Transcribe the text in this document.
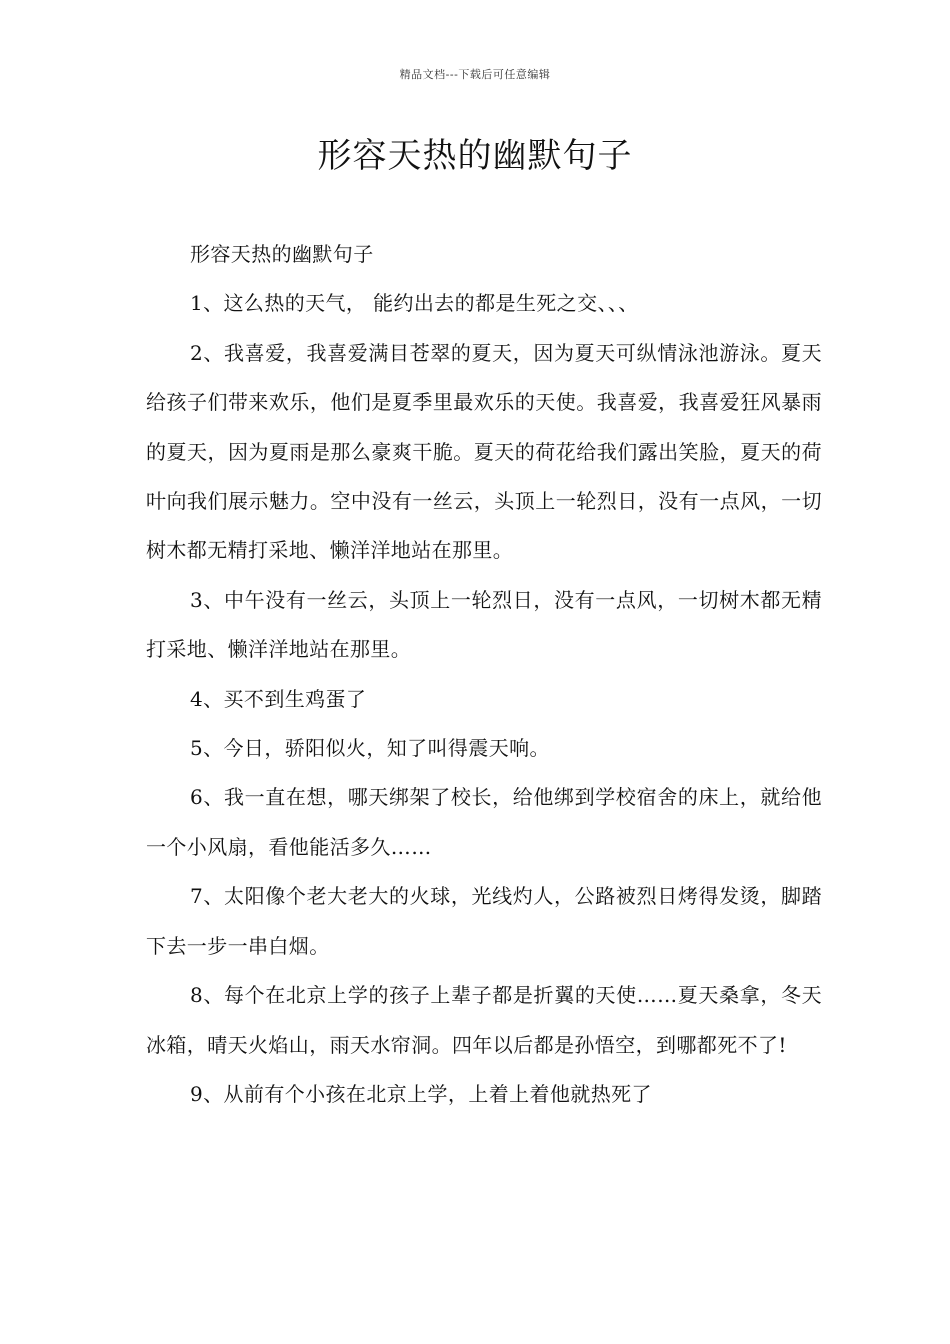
精品文档---下载后可任意编辑
形容天热的幽默句子

形容天热的幽默句子

1、这么热的天气， 能约出去的都是生死之交、、、

2、我喜爱，我喜爱满目苍翠的夏天，因为夏天可纵情泳池游泳。夏天给孩子们带来欢乐，他们是夏季里最欢乐的天使。我喜爱，我喜爱狂风暴雨的夏天，因为夏雨是那么豪爽干脆。夏天的荷花给我们露出笑脸，夏天的荷叶向我们展示魅力。空中没有一丝云，头顶上一轮烈日，没有一点风，一切树木都无精打采地、懒洋洋地站在那里。

3、中午没有一丝云，头顶上一轮烈日，没有一点风，一切树木都无精打采地、懒洋洋地站在那里。

4、买不到生鸡蛋了

5、今日，骄阳似火，知了叫得震天响。

6、我一直在想，哪天绑架了校长，给他绑到学校宿舍的床上，就给他一个小风扇，看他能活多久……

7、太阳像个老大老大的火球，光线灼人，公路被烈日烤得发烫，脚踏下去一步一串白烟。

8、每个在北京上学的孩子上辈子都是折翼的天使……夏天桑拿，冬天冰箱，晴天火焰山，雨天水帘洞。四年以后都是孙悟空，到哪都死不了!

9、从前有个小孩在北京上学，上着上着他就热死了
